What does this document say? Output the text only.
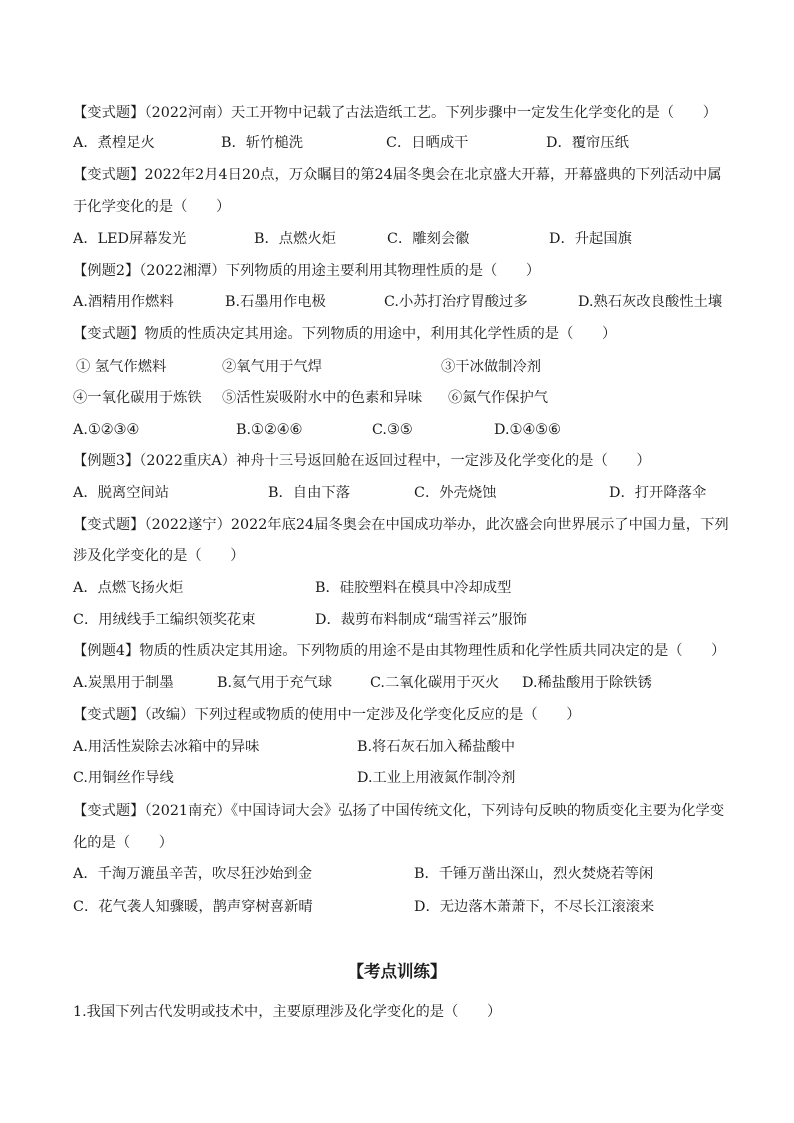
【变式题】（2022河南）天工开物中记载了古法造纸工艺。下列步骤中一定发生化学变化的是（　　）
A．煮楻足火	B．斩竹槌洗	C．日晒成干	D．覆帘压纸
【变式题】2022年2月4日20点，万众瞩目的第24届冬奥会在北京盛大开幕，开幕盛典的下列活动中属
于化学变化的是（　　）
A．LED屏幕发光	B．点燃火炬	C．雕刻会徽	D．升起国旗
【例题2】（2022湘潭）下列物质的用途主要利用其物理性质的是（　　）
A.酒精用作燃料	B.石墨用作电极	C.小苏打治疗胃酸过多	D.熟石灰改良酸性土壤
【变式题】物质的性质决定其用途。下列物质的用途中，利用其化学性质的是（　　）
① 氢气作燃料	②氧气用于气焊	③干冰做制冷剂
④一氧化碳用于炼铁 ⑤活性炭吸附水中的色素和异味 ⑥氮气作保护气
A.①②③④	B.①②④⑥	C.③⑤	D.①④⑤⑥
【例题3】（2022重庆A）神舟十三号返回舱在返回过程中，一定涉及化学变化的是（　　）
A．脱离空间站	B．自由下落	C．外壳烧蚀	D．打开降落伞
【变式题】（2022遂宁）2022年底24届冬奥会在中国成功举办，此次盛会向世界展示了中国力量，下列
涉及化学变化的是（　　）
A．点燃飞扬火炬	B．硅胶塑料在模具中冷却成型
C．用绒线手工编织领奖花束	D．裁剪布料制成“瑞雪祥云”服饰
【例题4】物质的性质决定其用途。下列物质的用途不是由其物理性质和化学性质共同决定的是（　　）
A.炭黑用于制墨	B.氦气用于充气球	C.二氧化碳用于灭火 D.稀盐酸用于除铁锈
【变式题】（改编）下列过程或物质的使用中一定涉及化学变化反应的是（　　）
A.用活性炭除去冰箱中的异味	B.将石灰石加入稀盐酸中
C.用铜丝作导线	D.工业上用液氮作制冷剂
【变式题】（2021南充）《中国诗词大会》弘扬了中国传统文化，下列诗句反映的物质变化主要为化学变
化的是（　　）
A．千淘万漉虽辛苦，吹尽狂沙始到金	B．千锤万凿出深山，烈火焚烧若等闲
C．花气袭人知骤暖，鹊声穿树喜新晴	D．无边落木萧萧下，不尽长江滚滚来
【考点训练】
1.我国下列古代发明或技术中，主要原理涉及化学变化的是（　　）
